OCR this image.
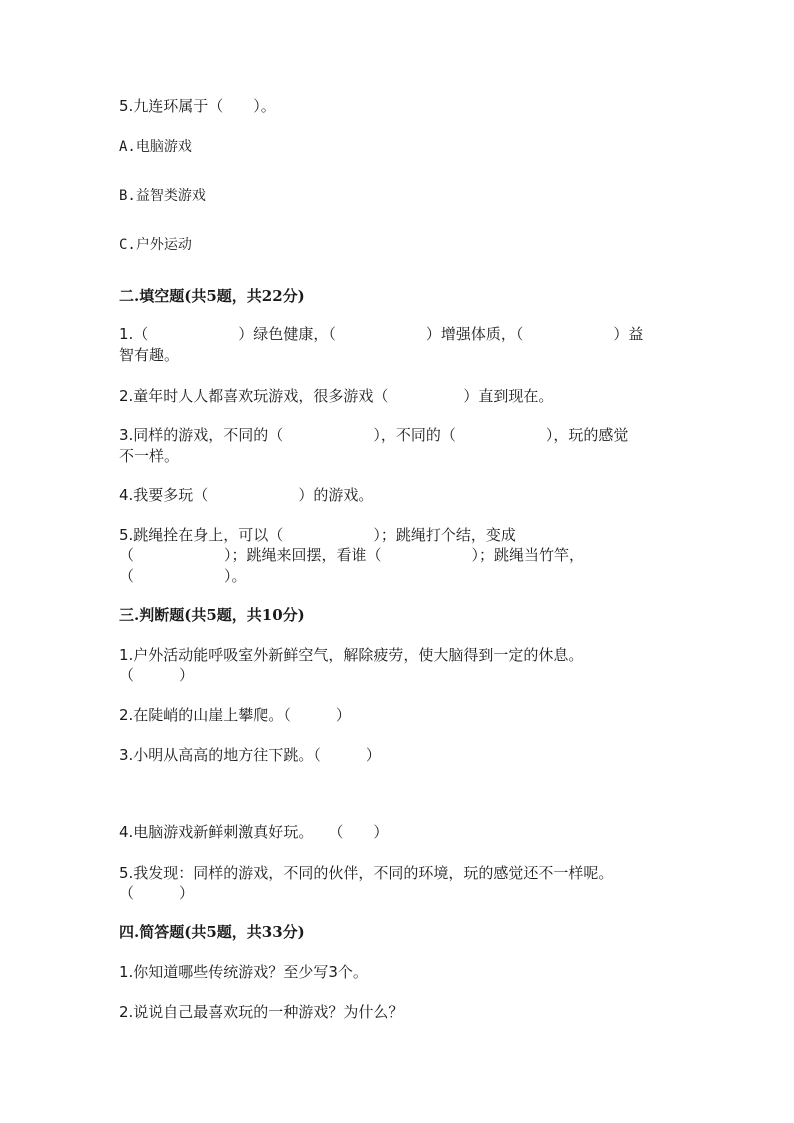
5.九连环属于（　　）。
A.电脑游戏
B.益智类游戏
C.户外运动
二.填空题(共5题，共22分)
1.（　　　　　　）绿色健康，（　　　　　　）增强体质，（　　　　　　）益
智有趣。
2.童年时人人都喜欢玩游戏，很多游戏（　　　　　）直到现在。
3.同样的游戏，不同的（　　　　　　），不同的（　　　　　　），玩的感觉
不一样。
4.我要多玩（　　　　　　）的游戏。
5.跳绳拴在身上，可以（　　　　　　）；跳绳打个结，变成
（　　　　　　）；跳绳来回摆，看谁（　　　　　　）；跳绳当竹竿，
（　　　　　　）。
三.判断题(共5题，共10分)
1.户外活动能呼吸室外新鲜空气，解除疲劳，使大脑得到一定的休息。
（　　　）
2.在陡峭的山崖上攀爬。（　　　）
3.小明从高高的地方往下跳。（　　　）
4.电脑游戏新鲜刺激真好玩。　　（　　）
5.我发现：同样的游戏，不同的伙伴，不同的环境，玩的感觉还不一样呢。
（　　　）
四.简答题(共5题，共33分)
1.你知道哪些传统游戏？至少写3个。
2.说说自己最喜欢玩的一种游戏？为什么？
